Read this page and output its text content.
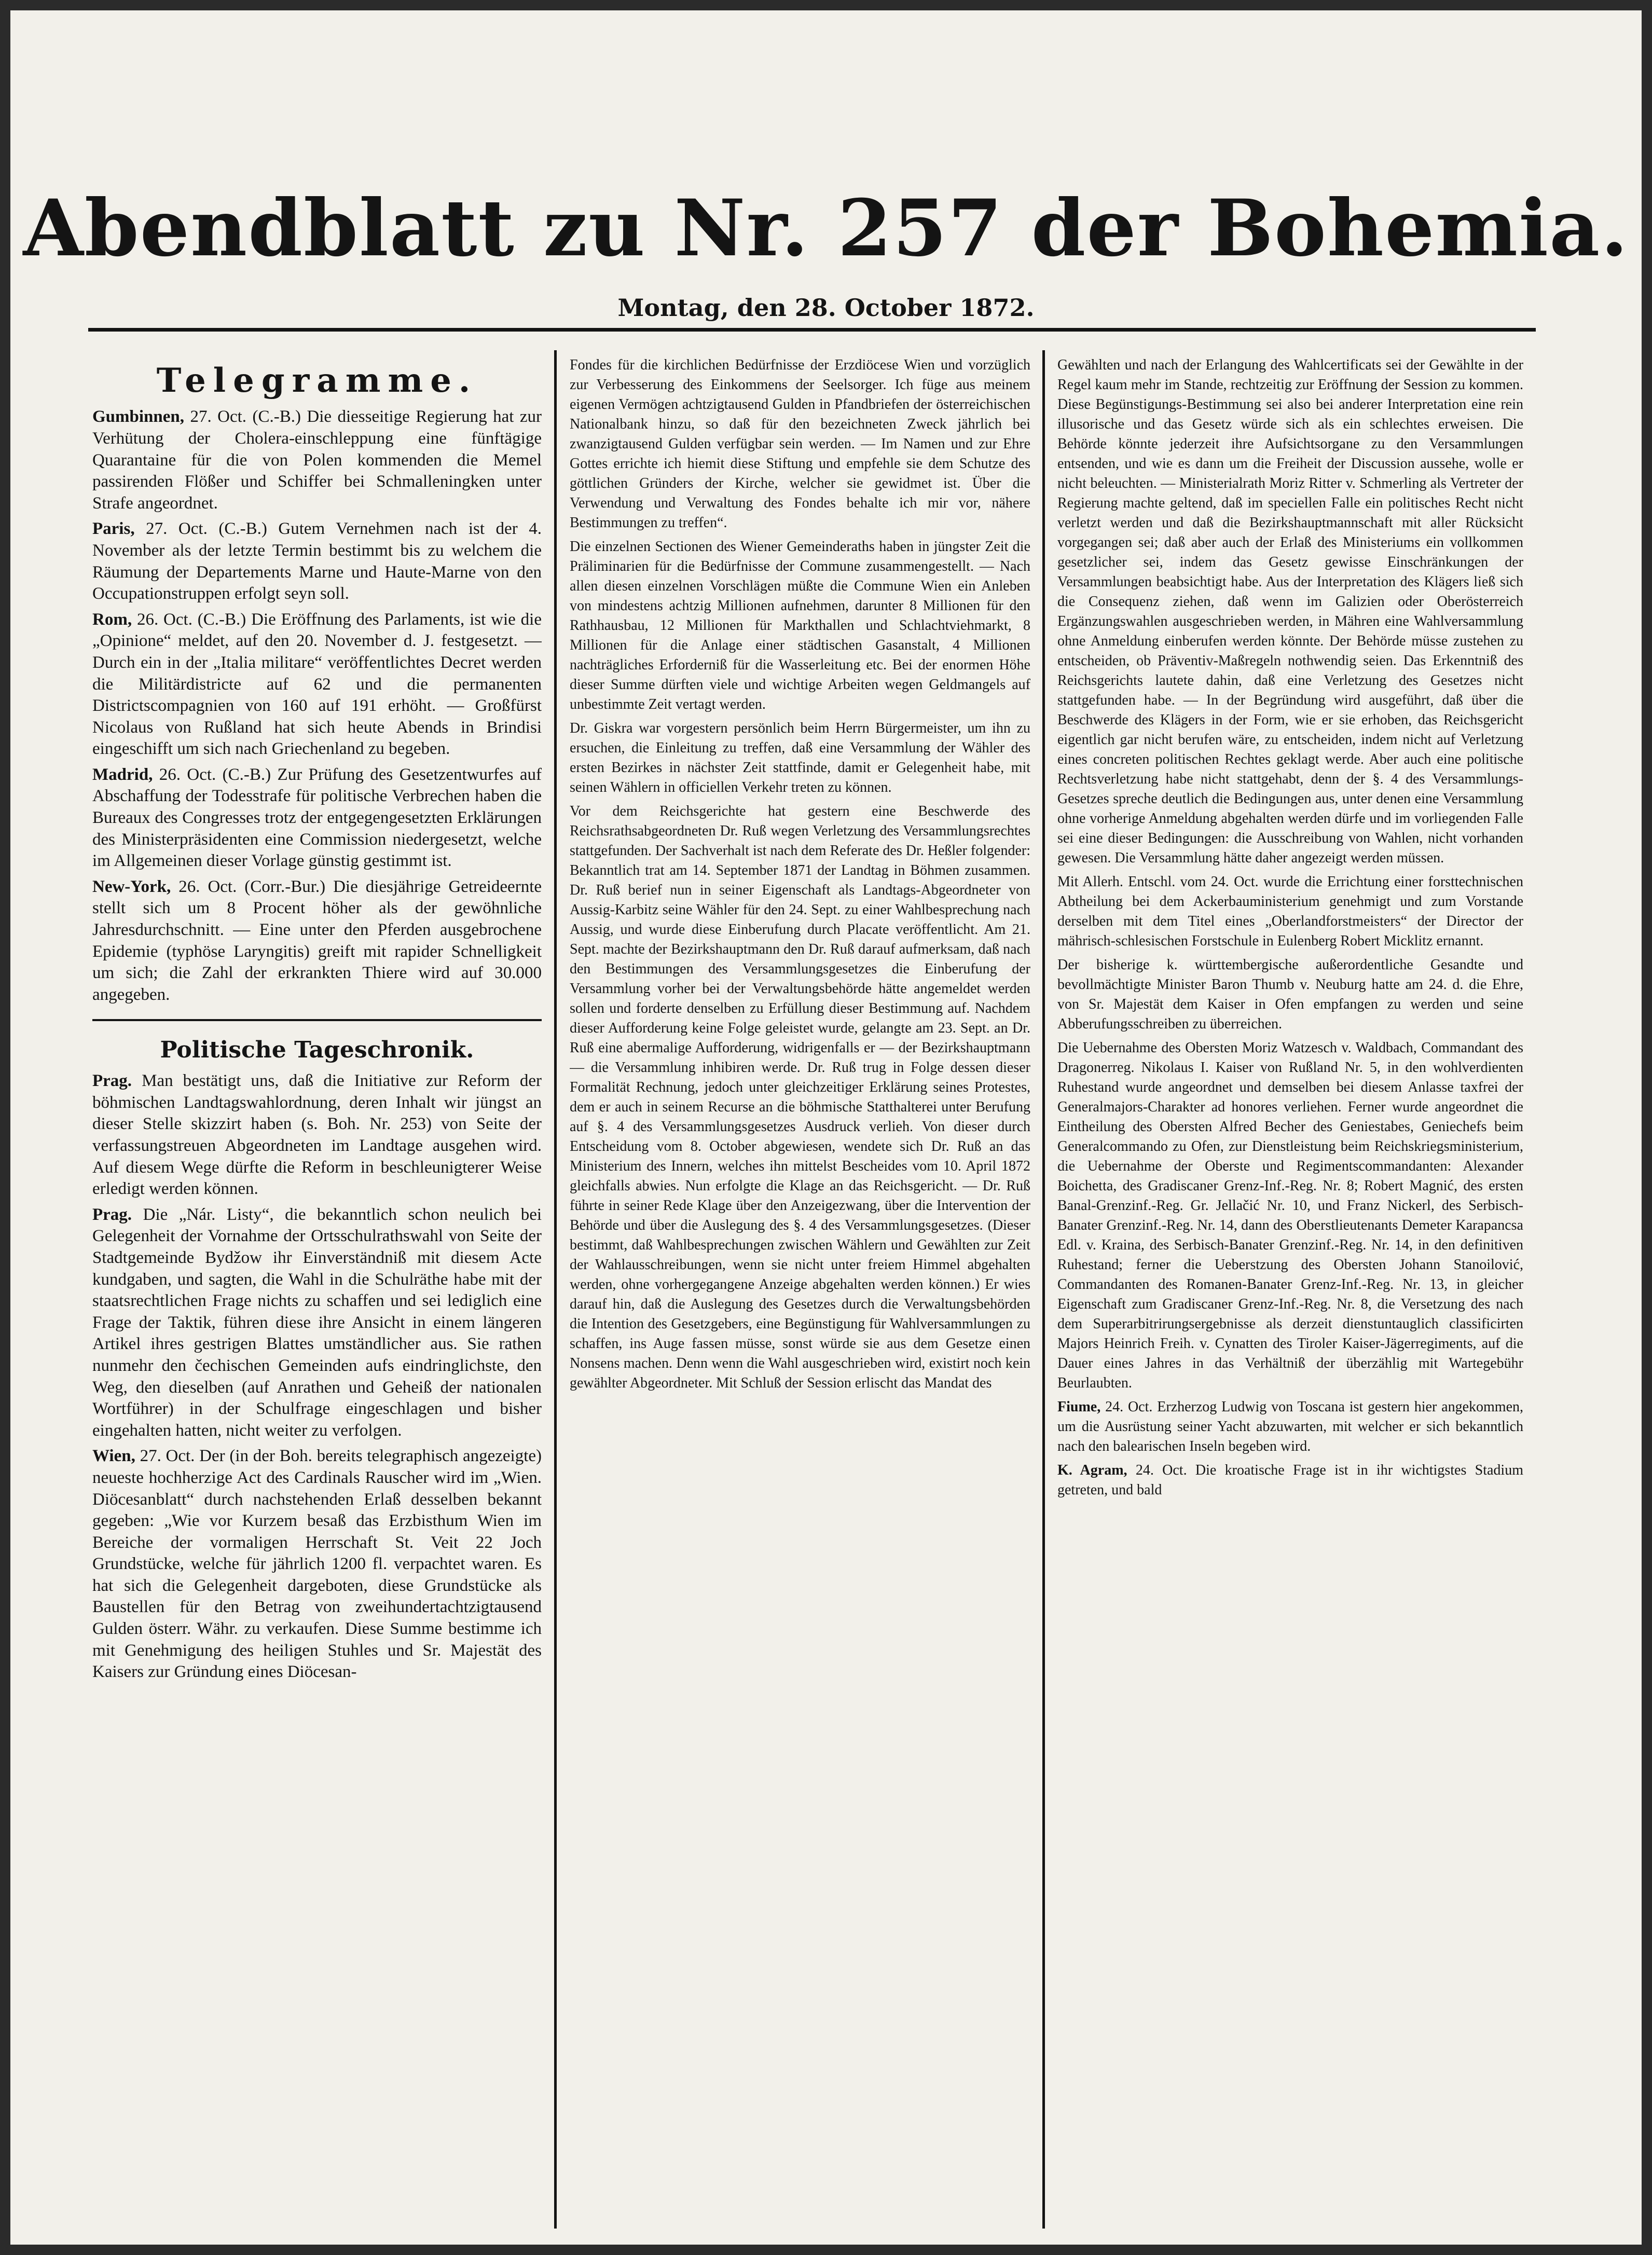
Abendblatt zu Nr. 257 der Bohemia.
Montag, den 28. October 1872.
Telegramme.

Gumbinnen, 27. Oct. (C.-B.) Die diesseitige Regierung hat zur Verhütung der Cholera-einschleppung eine fünftägige Quarantaine für die von Polen kommenden die Memel passirenden Flößer und Schiffer bei Schmalleningken unter Strafe angeordnet.

Paris, 27. Oct. (C.-B.) Gutem Vernehmen nach ist der 4. November als der letzte Termin bestimmt bis zu welchem die Räumung der Departements Marne und Haute-Marne von den Occupationstruppen erfolgt seyn soll.

Rom, 26. Oct. (C.-B.) Die Eröffnung des Parlaments, ist wie die „Opinione“ meldet, auf den 20. November d. J. festgesetzt. — Durch ein in der „Italia militare“ veröffentlichtes Decret werden die Militärdistricte auf 62 und die permanenten Districtscompagnien von 160 auf 191 erhöht. — Großfürst Nicolaus von Rußland hat sich heute Abends in Brindisi eingeschifft um sich nach Griechenland zu begeben.

Madrid, 26. Oct. (C.-B.) Zur Prüfung des Gesetzentwurfes auf Abschaffung der Todesstrafe für politische Verbrechen haben die Bureaux des Congresses trotz der entgegengesetzten Erklärungen des Ministerpräsidenten eine Commission niedergesetzt, welche im Allgemeinen dieser Vorlage günstig gestimmt ist.

New-York, 26. Oct. (Corr.-Bur.) Die diesjährige Getreideernte stellt sich um 8 Procent höher als der gewöhnliche Jahresdurchschnitt. — Eine unter den Pferden ausgebrochene Epidemie (typhöse Laryngitis) greift mit rapider Schnelligkeit um sich; die Zahl der erkrankten Thiere wird auf 30.000 angegeben.

Politische Tageschronik.

Prag. Man bestätigt uns, daß die Initiative zur Reform der böhmischen Landtagswahlordnung, deren Inhalt wir jüngst an dieser Stelle skizzirt haben (s. Boh. Nr. 253) von Seite der verfassungstreuen Abgeordneten im Landtage ausgehen wird. Auf diesem Wege dürfte die Reform in beschleunigterer Weise erledigt werden können.

Prag. Die „Nár. Listy“, die bekanntlich schon neulich bei Gelegenheit der Vornahme der Ortsschulrathswahl von Seite der Stadtgemeinde Bydžow ihr Einverständniß mit diesem Acte kundgaben, und sagten, die Wahl in die Schulräthe habe mit der staatsrechtlichen Frage nichts zu schaffen und sei lediglich eine Frage der Taktik, führen diese ihre Ansicht in einem längeren Artikel ihres gestrigen Blattes umständlicher aus. Sie rathen nunmehr den čechischen Gemeinden aufs eindringlichste, den Weg, den dieselben (auf Anrathen und Geheiß der nationalen Wortführer) in der Schulfrage eingeschlagen und bisher eingehalten hatten, nicht weiter zu verfolgen.

Wien, 27. Oct. Der (in der Boh. bereits telegraphisch angezeigte) neueste hochherzige Act des Cardinals Rauscher wird im „Wien. Diöcesanblatt“ durch nachstehenden Erlaß desselben bekannt gegeben: „Wie vor Kurzem besaß das Erzbisthum Wien im Bereiche der vormaligen Herrschaft St. Veit 22 Joch Grundstücke, welche für jährlich 1200 fl. verpachtet waren. Es hat sich die Gelegenheit dargeboten, diese Grundstücke als Baustellen für den Betrag von zweihundertachtzigtausend Gulden österr. Währ. zu verkaufen. Diese Summe bestimme ich mit Genehmigung des heiligen Stuhles und Sr. Majestät des Kaisers zur Gründung eines Diöcesan-

Fondes für die kirchlichen Bedürfnisse der Erzdiöcese Wien und vorzüglich zur Verbesserung des Einkommens der Seelsorger. Ich füge aus meinem eigenen Vermögen achtzigtausend Gulden in Pfandbriefen der österreichischen Nationalbank hinzu, so daß für den bezeichneten Zweck jährlich bei zwanzigtausend Gulden verfügbar sein werden. — Im Namen und zur Ehre Gottes errichte ich hiemit diese Stiftung und empfehle sie dem Schutze des göttlichen Gründers der Kirche, welcher sie gewidmet ist. Über die Verwendung und Verwaltung des Fondes behalte ich mir vor, nähere Bestimmungen zu treffen“.

Die einzelnen Sectionen des Wiener Gemeinderaths haben in jüngster Zeit die Präliminarien für die Bedürfnisse der Commune zusammengestellt. — Nach allen diesen einzelnen Vorschlägen müßte die Commune Wien ein Anleben von mindestens achtzig Millionen aufnehmen, darunter 8 Millionen für den Rathhausbau, 12 Millionen für Markthallen und Schlachtviehmarkt, 8 Millionen für die Anlage einer städtischen Gasanstalt, 4 Millionen nachträgliches Erforderniß für die Wasserleitung etc. Bei der enormen Höhe dieser Summe dürften viele und wichtige Arbeiten wegen Geldmangels auf unbestimmte Zeit vertagt werden.

Dr. Giskra war vorgestern persönlich beim Herrn Bürgermeister, um ihn zu ersuchen, die Einleitung zu treffen, daß eine Versammlung der Wähler des ersten Bezirkes in nächster Zeit stattfinde, damit er Gelegenheit habe, mit seinen Wählern in officiellen Verkehr treten zu können.

Vor dem Reichsgerichte hat gestern eine Beschwerde des Reichsrathsabgeordneten Dr. Ruß wegen Verletzung des Versammlungsrechtes stattgefunden. Der Sachverhalt ist nach dem Referate des Dr. Heßler folgender: Bekanntlich trat am 14. September 1871 der Landtag in Böhmen zusammen. Dr. Ruß berief nun in seiner Eigenschaft als Landtags-Abgeordneter von Aussig-Karbitz seine Wähler für den 24. Sept. zu einer Wahlbesprechung nach Aussig, und wurde diese Einberufung durch Placate veröffentlicht. Am 21. Sept. machte der Bezirkshauptmann den Dr. Ruß darauf aufmerksam, daß nach den Bestimmungen des Versammlungsgesetzes die Einberufung der Versammlung vorher bei der Verwaltungsbehörde hätte angemeldet werden sollen und forderte denselben zu Erfüllung dieser Bestimmung auf. Nachdem dieser Aufforderung keine Folge geleistet wurde, gelangte am 23. Sept. an Dr. Ruß eine abermalige Aufforderung, widrigenfalls er — der Bezirkshauptmann — die Versammlung inhibiren werde. Dr. Ruß trug in Folge dessen dieser Formalität Rechnung, jedoch unter gleichzeitiger Erklärung seines Protestes, dem er auch in seinem Recurse an die böhmische Statthalterei unter Berufung auf §. 4 des Versammlungsgesetzes Ausdruck verlieh. Von dieser durch Entscheidung vom 8. October abgewiesen, wendete sich Dr. Ruß an das Ministerium des Innern, welches ihn mittelst Bescheides vom 10. April 1872 gleichfalls abwies. Nun erfolgte die Klage an das Reichsgericht. — Dr. Ruß führte in seiner Rede Klage über den Anzeigezwang, über die Intervention der Behörde und über die Auslegung des §. 4 des Versammlungsgesetzes. (Dieser bestimmt, daß Wahlbesprechungen zwischen Wählern und Gewählten zur Zeit der Wahlausschreibungen, wenn sie nicht unter freiem Himmel abgehalten werden, ohne vorhergegangene Anzeige abgehalten werden können.) Er wies darauf hin, daß die Auslegung des Gesetzes durch die Verwaltungsbehörden die Intention des Gesetzgebers, eine Begünstigung für Wahlversammlungen zu schaffen, ins Auge fassen müsse, sonst würde sie aus dem Gesetze einen Nonsens machen. Denn wenn die Wahl ausgeschrieben wird, existirt noch kein gewählter Abgeordneter. Mit Schluß der Session erlischt das Mandat des

Gewählten und nach der Erlangung des Wahlcertificats sei der Gewählte in der Regel kaum mehr im Stande, rechtzeitig zur Eröffnung der Session zu kommen. Diese Begünstigungs-Bestimmung sei also bei anderer Interpretation eine rein illusorische und das Gesetz würde sich als ein schlechtes erweisen. Die Behörde könnte jederzeit ihre Aufsichtsorgane zu den Versammlungen entsenden, und wie es dann um die Freiheit der Discussion aussehe, wolle er nicht beleuchten. — Ministerialrath Moriz Ritter v. Schmerling als Vertreter der Regierung machte geltend, daß im speciellen Falle ein politisches Recht nicht verletzt werden und daß die Bezirkshauptmannschaft mit aller Rücksicht vorgegangen sei; daß aber auch der Erlaß des Ministeriums ein vollkommen gesetzlicher sei, indem das Gesetz gewisse Einschränkungen der Versammlungen beabsichtigt habe. Aus der Interpretation des Klägers ließ sich die Consequenz ziehen, daß wenn im Galizien oder Oberösterreich Ergänzungswahlen ausgeschrieben werden, in Mähren eine Wahlversammlung ohne Anmeldung einberufen werden könnte. Der Behörde müsse zustehen zu entscheiden, ob Präventiv-Maßregeln nothwendig seien. Das Erkenntniß des Reichsgerichts lautete dahin, daß eine Verletzung des Gesetzes nicht stattgefunden habe. — In der Begründung wird ausgeführt, daß über die Beschwerde des Klägers in der Form, wie er sie erhoben, das Reichsgericht eigentlich gar nicht berufen wäre, zu entscheiden, indem nicht auf Verletzung eines concreten politischen Rechtes geklagt werde. Aber auch eine politische Rechtsverletzung habe nicht stattgehabt, denn der §. 4 des Versammlungs-Gesetzes spreche deutlich die Bedingungen aus, unter denen eine Versammlung ohne vorherige Anmeldung abgehalten werden dürfe und im vorliegenden Falle sei eine dieser Bedingungen: die Ausschreibung von Wahlen, nicht vorhanden gewesen. Die Versammlung hätte daher angezeigt werden müssen.

Mit Allerh. Entschl. vom 24. Oct. wurde die Errichtung einer forsttechnischen Abtheilung bei dem Ackerbauministerium genehmigt und zum Vorstande derselben mit dem Titel eines „Oberlandforstmeisters“ der Director der mährisch-schlesischen Forstschule in Eulenberg Robert Micklitz ernannt.

Der bisherige k. württembergische außerordentliche Gesandte und bevollmächtigte Minister Baron Thumb v. Neuburg hatte am 24. d. die Ehre, von Sr. Majestät dem Kaiser in Ofen empfangen zu werden und seine Abberufungsschreiben zu überreichen.

Die Uebernahme des Obersten Moriz Watzesch v. Waldbach, Commandant des Dragonerreg. Nikolaus I. Kaiser von Rußland Nr. 5, in den wohlverdienten Ruhestand wurde angeordnet und demselben bei diesem Anlasse taxfrei der Generalmajors-Charakter ad honores verliehen. Ferner wurde angeordnet die Eintheilung des Obersten Alfred Becher des Geniestabes, Geniechefs beim Generalcommando zu Ofen, zur Dienstleistung beim Reichskriegsministerium, die Uebernahme der Oberste und Regimentscommandanten: Alexander Boichetta, des Gradiscaner Grenz-Inf.-Reg. Nr. 8; Robert Magnić, des ersten Banal-Grenzinf.-Reg. Gr. Jellačić Nr. 10, und Franz Nickerl, des Serbisch-Banater Grenzinf.-Reg. Nr. 14, dann des Oberstlieutenants Demeter Karapancsa Edl. v. Kraina, des Serbisch-Banater Grenzinf.-Reg. Nr. 14, in den definitiven Ruhestand; ferner die Ueberstzung des Obersten Johann Stanoilović, Commandanten des Romanen-Banater Grenz-Inf.-Reg. Nr. 13, in gleicher Eigenschaft zum Gradiscaner Grenz-Inf.-Reg. Nr. 8, die Versetzung des nach dem Superarbitrirungsergebnisse als derzeit dienstuntauglich classificirten Majors Heinrich Freih. v. Cynatten des Tiroler Kaiser-Jägerregiments, auf die Dauer eines Jahres in das Verhältniß der überzählig mit Wartegebühr Beurlaubten.

Fiume, 24. Oct. Erzherzog Ludwig von Toscana ist gestern hier angekommen, um die Ausrüstung seiner Yacht abzuwarten, mit welcher er sich bekanntlich nach den balearischen Inseln begeben wird.

K. Agram, 24. Oct. Die kroatische Frage ist in ihr wichtigstes Stadium getreten, und bald
